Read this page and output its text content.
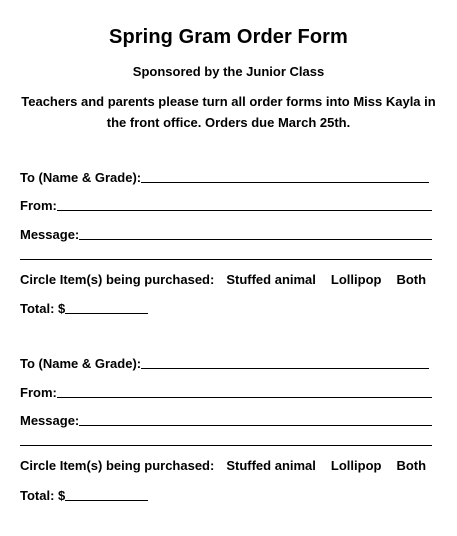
Spring Gram Order Form
Sponsored by the Junior Class
Teachers and parents please turn all order forms into Miss Kayla in the front office. Orders due March 25th.
To (Name & Grade):
From:
Message:
Circle Item(s) being purchased: Stuffed animal Lollipop Both
Total: $
To (Name & Grade):
From:
Message:
Circle Item(s) being purchased: Stuffed animal Lollipop Both
Total: $
